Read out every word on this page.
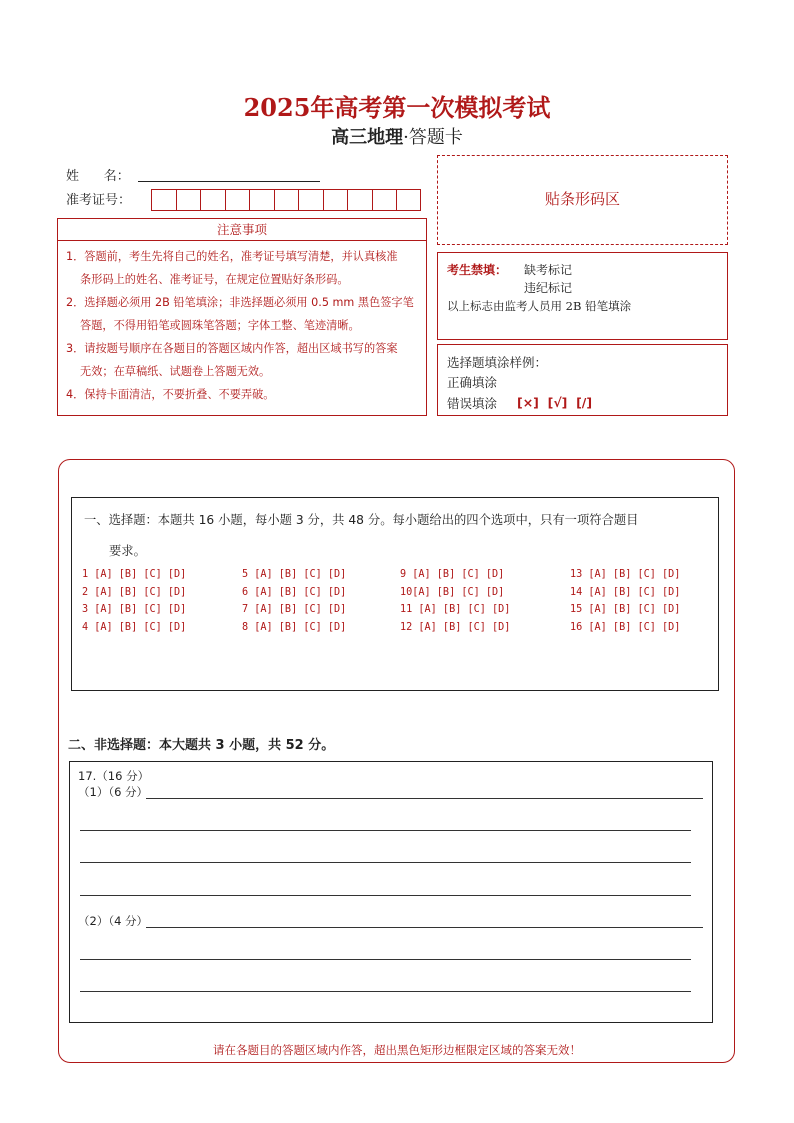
2025年高考第一次模拟考试
高三地理·答题卡
姓      名：
准考证号：
注意事项
1．答题前，考生先将自己的姓名，准考证号填写清楚，并认真核准
条形码上的姓名、准考证号，在规定位置贴好条形码。
2．选择题必须用 2B 铅笔填涂；非选择题必须用 0.5 mm 黑色签字笔
答题，不得用铅笔或圆珠笔答题；字体工整、笔迹清晰。
3．请按题号顺序在各题目的答题区域内作答，超出区域书写的答案
无效；在草稿纸、试题卷上答题无效。
4．保持卡面清洁，不要折叠、不要弄破。
贴条形码区
考生禁填： 缺考标记
违纪标记
以上标志由监考人员用 2B 铅笔填涂
选择题填涂样例：
正确填涂
错误填涂 [×]  [√]  [/]
一、选择题：本题共 16 小题，每小题 3 分，共 48 分。每小题给出的四个选项中，只有一项符合题目
要求。
1 [A] [B] [C] [D]
2 [A] [B] [C] [D]
3 [A] [B] [C] [D]
4 [A] [B] [C] [D]
5 [A] [B] [C] [D]
6 [A] [B] [C] [D]
7 [A] [B] [C] [D]
8 [A] [B] [C] [D]
9 [A] [B] [C] [D]
10[A] [B] [C] [D]
11 [A] [B] [C] [D]
12 [A] [B] [C] [D]
13 [A] [B] [C] [D]
14 [A] [B] [C] [D]
15 [A] [B] [C] [D]
16 [A] [B] [C] [D]
二、非选择题：本大题共 3 小题，共 52 分。
17.（16 分）
（1）（6 分）
（2）（4 分）
请在各题目的答题区域内作答，超出黑色矩形边框限定区域的答案无效！
